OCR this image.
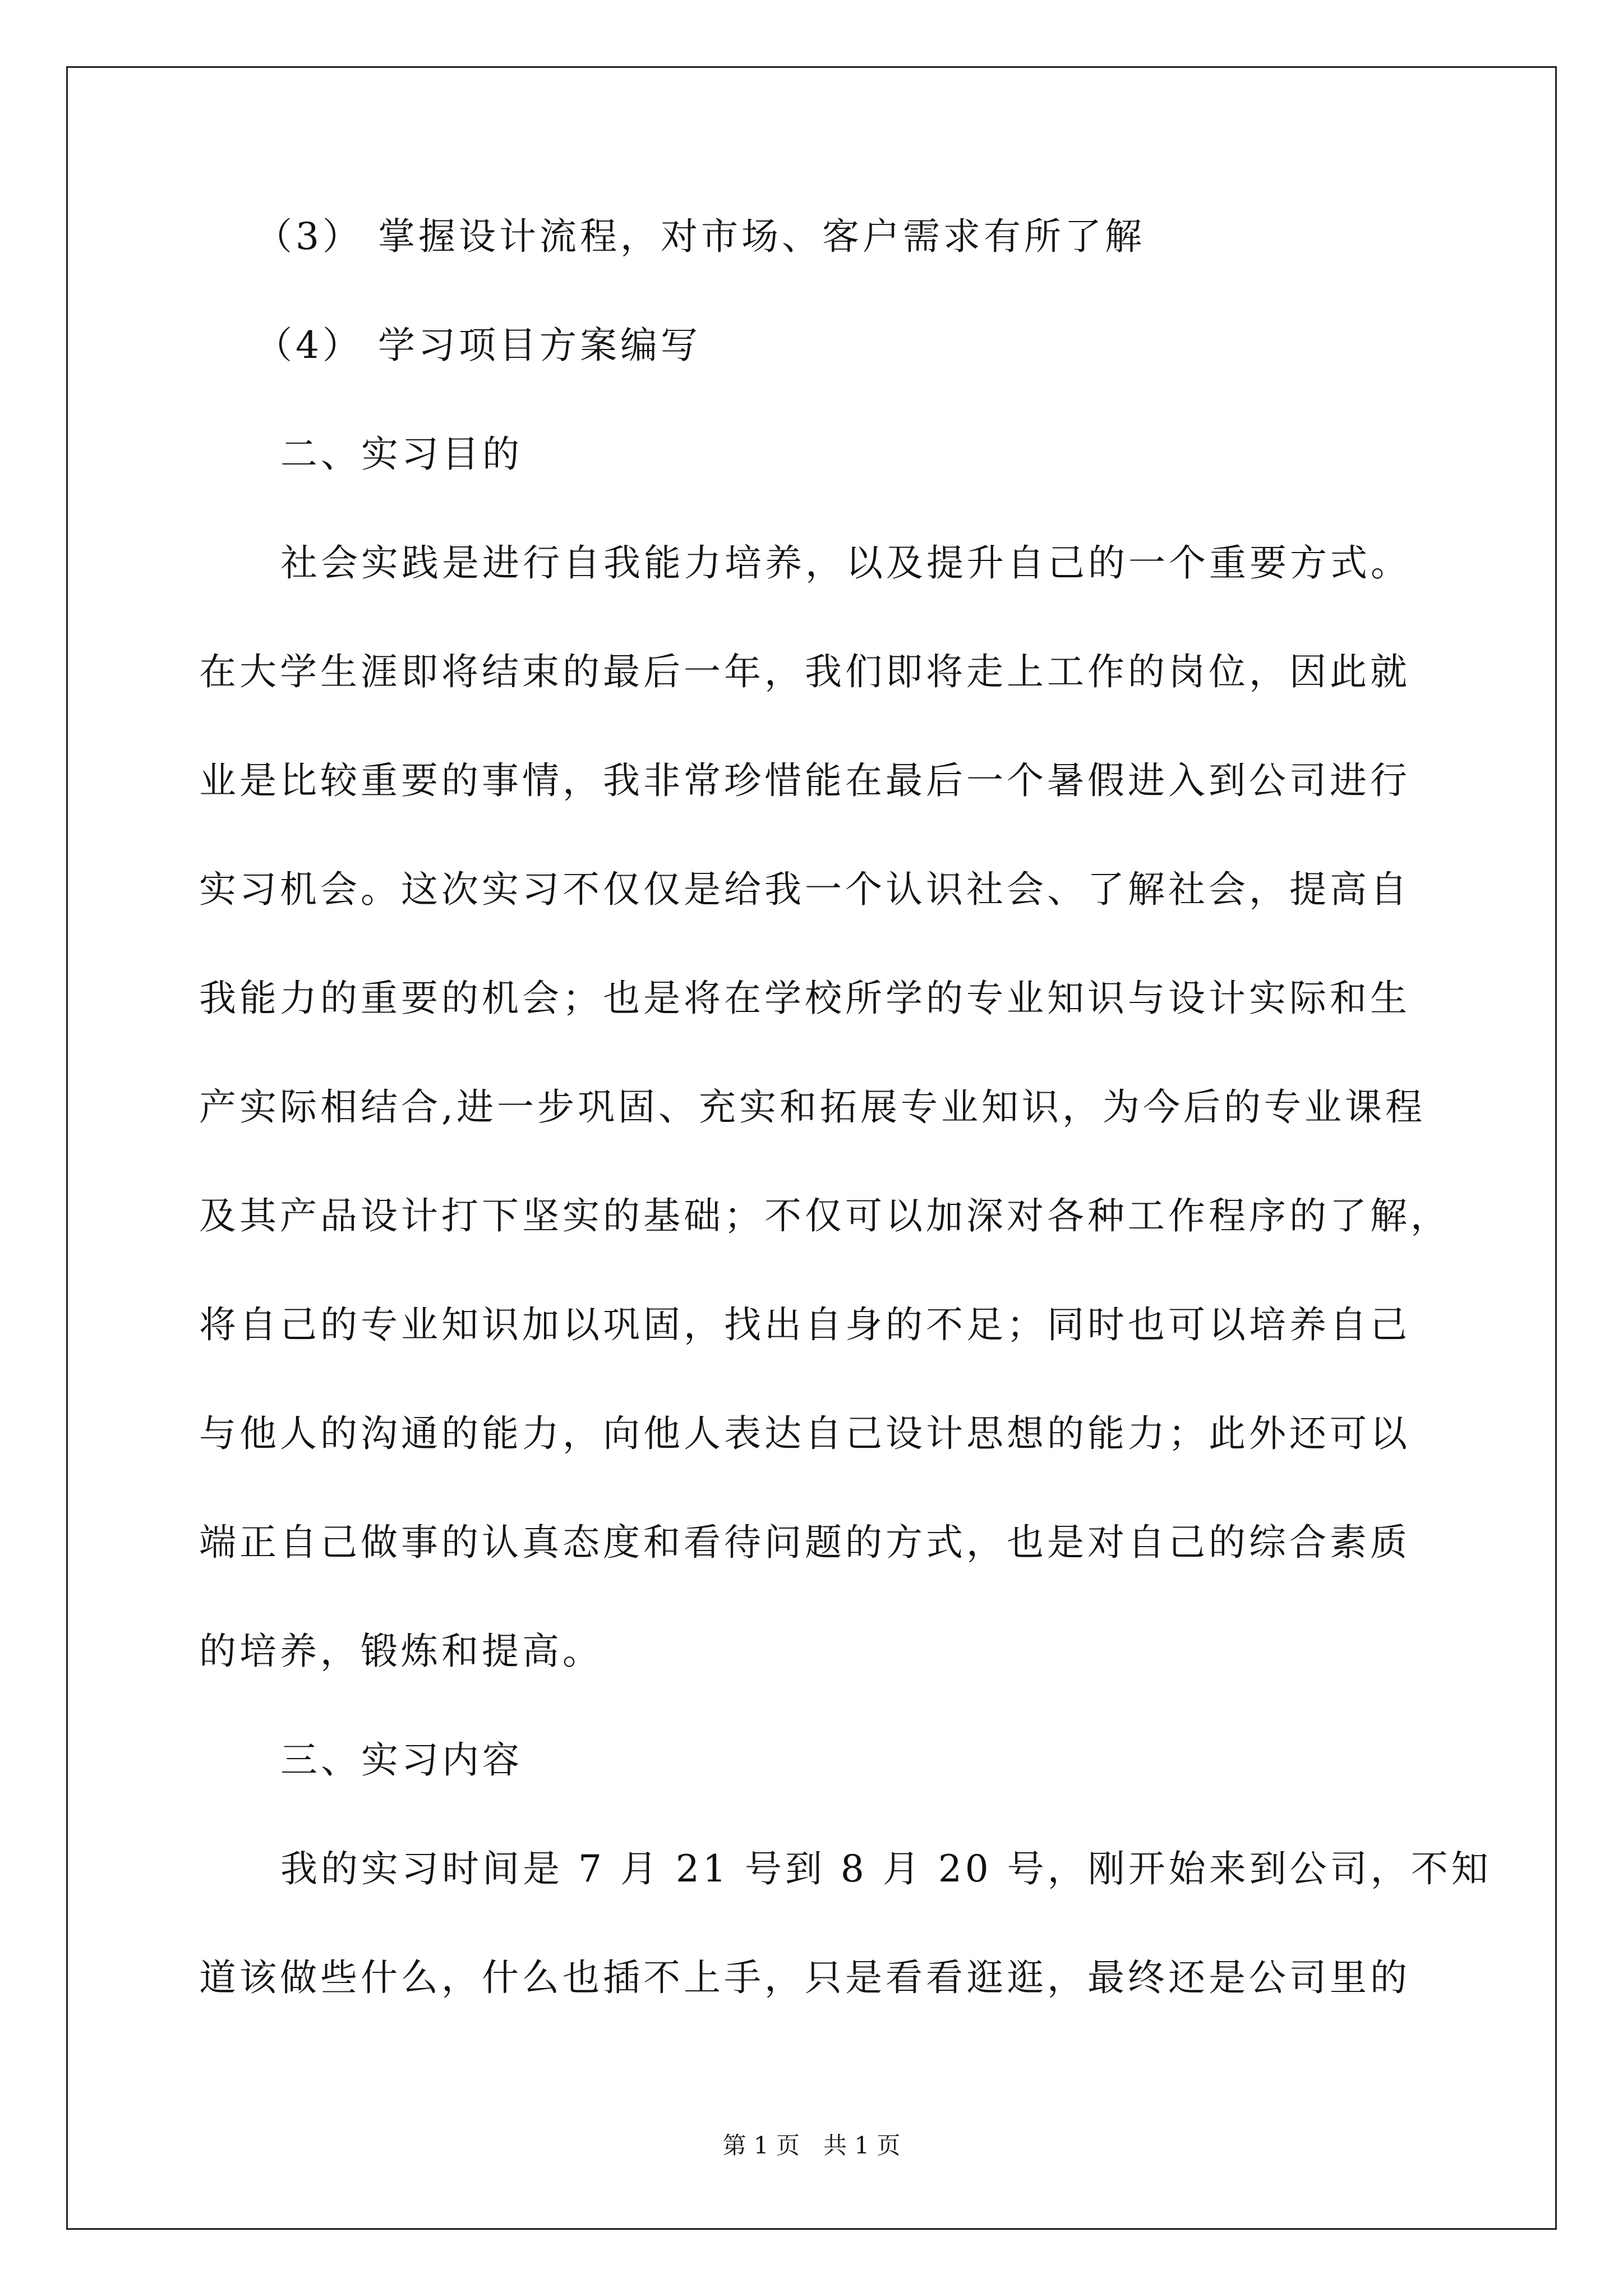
（3） 掌握设计流程，对市场、客户需求有所了解
（4） 学习项目方案编写
二、实习目的
社会实践是进行自我能力培养，以及提升自己的一个重要方式。
在大学生涯即将结束的最后一年，我们即将走上工作的岗位，因此就
业是比较重要的事情，我非常珍惜能在最后一个暑假进入到公司进行
实习机会。这次实习不仅仅是给我一个认识社会、了解社会，提高自
我能力的重要的机会；也是将在学校所学的专业知识与设计实际和生
产实际相结合,进一步巩固、充实和拓展专业知识，为今后的专业课程
及其产品设计打下坚实的基础；不仅可以加深对各种工作程序的了解，
将自己的专业知识加以巩固，找出自身的不足；同时也可以培养自己
与他人的沟通的能力，向他人表达自己设计思想的能力；此外还可以
端正自己做事的认真态度和看待问题的方式，也是对自己的综合素质
的培养，锻炼和提高。
三、实习内容
我的实习时间是 7 月 21 号到 8 月 20 号，刚开始来到公司，不知
道该做些什么，什么也插不上手，只是看看逛逛，最终还是公司里的
第 1 页　共 1 页
